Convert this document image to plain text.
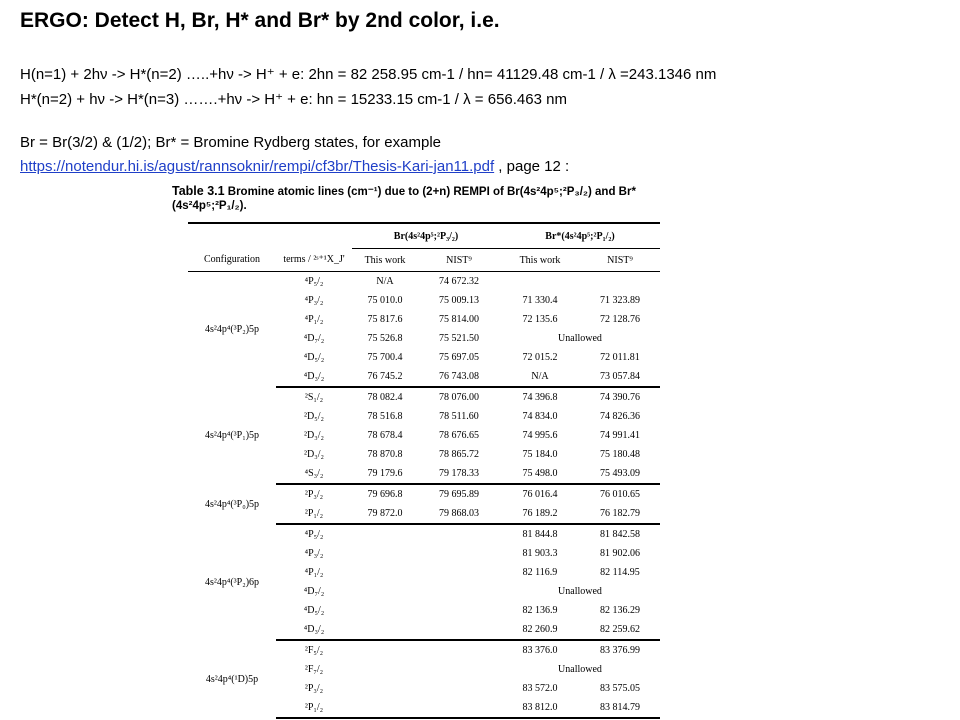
ERGO: Detect H, Br, H* and Br* by 2nd color, i.e.
H(n=1) + 2hν -> H*(n=2) …..+hν -> H⁺ + e: 2hn = 82 258.95 cm-1 / hn= 41129.48 cm-1 / λ =243.1346 nm
H*(n=2) + hν -> H*(n=3) …….+hν -> H⁺ + e: hn = 15233.15 cm-1 / λ = 656.463 nm
Br = Br(3/2) & (1/2); Br* = Bromine Rydberg states, for example
https://notendur.hi.is/agust/rannsoknir/rempi/cf3br/Thesis-Kari-jan11.pdf , page 12 :
Table 3.1 Bromine atomic lines (cm⁻¹) due to (2+n) REMPI of Br(4s²4p⁵;²P₃/₂) and Br*(4s²4p⁵;²P₁/₂).
		Br(4s²4p⁵;²P₃/₂)		Br*(4s²4p⁵;²P₁/₂)	
Configuration	terms / ²ˢ⁺¹X_J'	This work	NIST⁹	This work	NIST⁹
4s²4p⁴(³P₂)5p	⁴P₅/₂	N/A	74 672.32		
	⁴P₃/₂	75 010.0	75 009.13	71 330.4	71 323.89
	⁴P₁/₂	75 817.6	75 814.00	72 135.6	72 128.76
	⁴D₇/₂	75 526.8	75 521.50	Unallowed	
	⁴D₅/₂	75 700.4	75 697.05	72 015.2	72 011.81
	⁴D₃/₂	76 745.2	76 743.08	N/A	73 057.84
4s²4p⁴(³P₁)5p	²S₁/₂	78 082.4	78 076.00	74 396.8	74 390.76
	²D₅/₂	78 516.8	78 511.60	74 834.0	74 826.36
	²D₃/₂	78 678.4	78 676.65	74 995.6	74 991.41
	²D₃/₂	78 870.8	78 865.72	75 184.0	75 180.48
	⁴S₃/₂	79 179.6	79 178.33	75 498.0	75 493.09
4s²4p⁴(³P₀)5p	²P₃/₂	79 696.8	79 695.89	76 016.4	76 010.65
	²P₁/₂	79 872.0	79 868.03	76 189.2	76 182.79
4s²4p⁴(³P₂)6p	⁴P₅/₂			81 844.8	81 842.58
	⁴P₃/₂			81 903.3	81 902.06
	⁴P₁/₂			82 116.9	82 114.95
	⁴D₇/₂			Unallowed	
	⁴D₅/₂			82 136.9	82 136.29
	⁴D₃/₂			82 260.9	82 259.62
4s²4p⁴(¹D)5p	²F₅/₂			83 376.0	83 376.99
	²F₇/₂			Unallowed	
	²P₃/₂			83 572.0	83 575.05
	²P₁/₂			83 812.0	83 814.79
